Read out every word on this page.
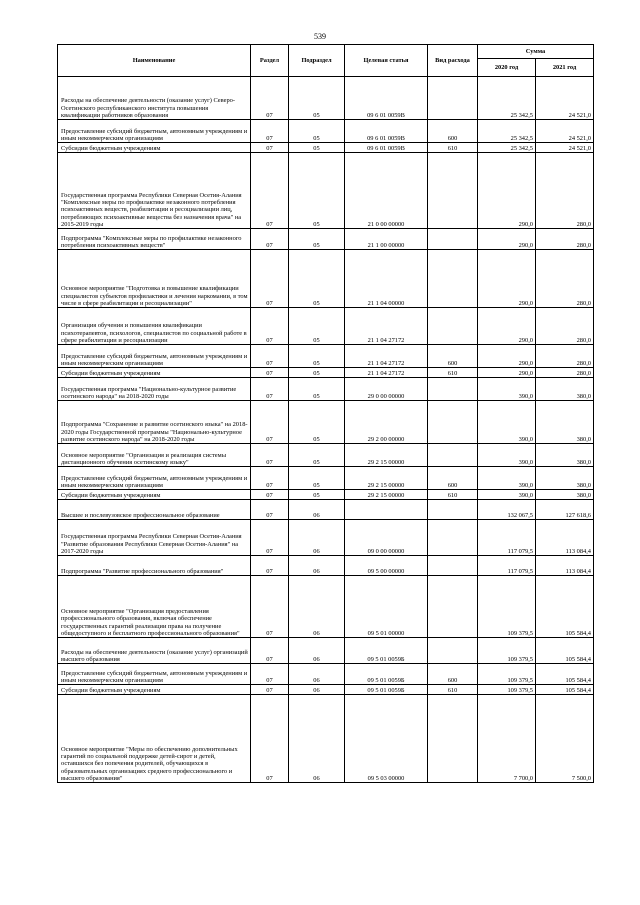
539
Наименование	Раздел	Подраздел	Целевая статья	Вид расхода	Сумма	
					2020 год	2021 год
Расходы на обеспечение деятельности (оказание услуг) Северо-Осетинского республиканского института повышения квалификации работников образования	07	05	09 6 01 0059В		25 342,5	24 521,0
Предоставление субсидий бюджетным, автономным учреждениям и иным некоммерческим организациям	07	05	09 6 01 0059В	600	25 342,5	24 521,0
Субсидии бюджетным учреждениям	07	05	09 6 01 0059В	610	25 342,5	24 521,0
Государственная программа Республики Северная Осетия-Алания "Комплексные меры по профилактике незаконного потребления психоактивных веществ, реабилитации и ресоциализации лиц, потребляющих психоактивные вещества без назначения врача" на 2015-2019 годы	07	05	21 0 00 00000		290,0	280,0
Подпрограмма "Комплексные меры по профилактике незаконного потребления психоактивных веществ"	07	05	21 1 00 00000		290,0	280,0
Основное мероприятие "Подготовка и повышение квалификации специалистов субъектов профилактики и лечения наркомании, в том числе в сфере реабилитации и ресоциализации"	07	05	21 1 04 00000		290,0	280,0
Организация обучения и повышения квалификации психотерапевтов, психологов, специалистов по социальной работе в сфере реабилитации и ресоциализации	07	05	21 1 04 27172		290,0	280,0
Предоставление субсидий бюджетным, автономным учреждениям и иным некоммерческим организациям	07	05	21 1 04 27172	600	290,0	280,0
Субсидии бюджетным учреждениям	07	05	21 1 04 27172	610	290,0	280,0
Государственная программа "Национально-культурное развитие осетинского народа" на 2018-2020 годы	07	05	29 0 00 00000		390,0	380,0
Подпрограмма "Сохранение и развитие осетинского языка" на 2018-2020 годы Государственной программы "Национально-культурное развитие осетинского народа" на 2018-2020 годы	07	05	29 2 00 00000		390,0	380,0
Основное мероприятие "Организация и реализация системы дистанционного обучения осетинскому языку"	07	05	29 2 15 00000		390,0	380,0
Предоставление субсидий бюджетным, автономным учреждениям и иным некоммерческим организациям	07	05	29 2 15 00000	600	390,0	380,0
Субсидии бюджетным учреждениям	07	05	29 2 15 00000	610	390,0	380,0
Высшее и послевузовское профессиональное образование	07	06			132 067,5	127 618,6
Государственная программа Республики Северная Осетия-Алания "Развитие образования Республики Северная Осетия-Алания" на 2017-2020 годы	07	06	09 0 00 00000		117 079,5	113 084,4
Подпрограмма "Развитие профессионального образования"	07	06	09 5 00 00000		117 079,5	113 084,4
Основное мероприятие "Организация предоставления профессионального образования, включая обеспечение государственных гарантий реализации права на получение общедоступного и бесплатного профессионального образования"	07	06	09 5 01 00000		109 379,5	105 584,4
Расходы на обеспечение деятельности (оказание услуг) организаций высшего образования	07	06	09 5 01 0059Б		109 379,5	105 584,4
Предоставление субсидий бюджетным, автономным учреждениям и иным некоммерческим организациям	07	06	09 5 01 0059Б	600	109 379,5	105 584,4
Субсидии бюджетным учреждениям	07	06	09 5 01 0059Б	610	109 379,5	105 584,4
Основное мероприятие "Меры по обеспечению дополнительных гарантий по социальной поддержке детей-сирот и детей, оставшихся без попечения родителей, обучающихся в образовательных организациях среднего профессионального и высшего образования"	07	06	09 5 03 00000		7 700,0	7 500,0
